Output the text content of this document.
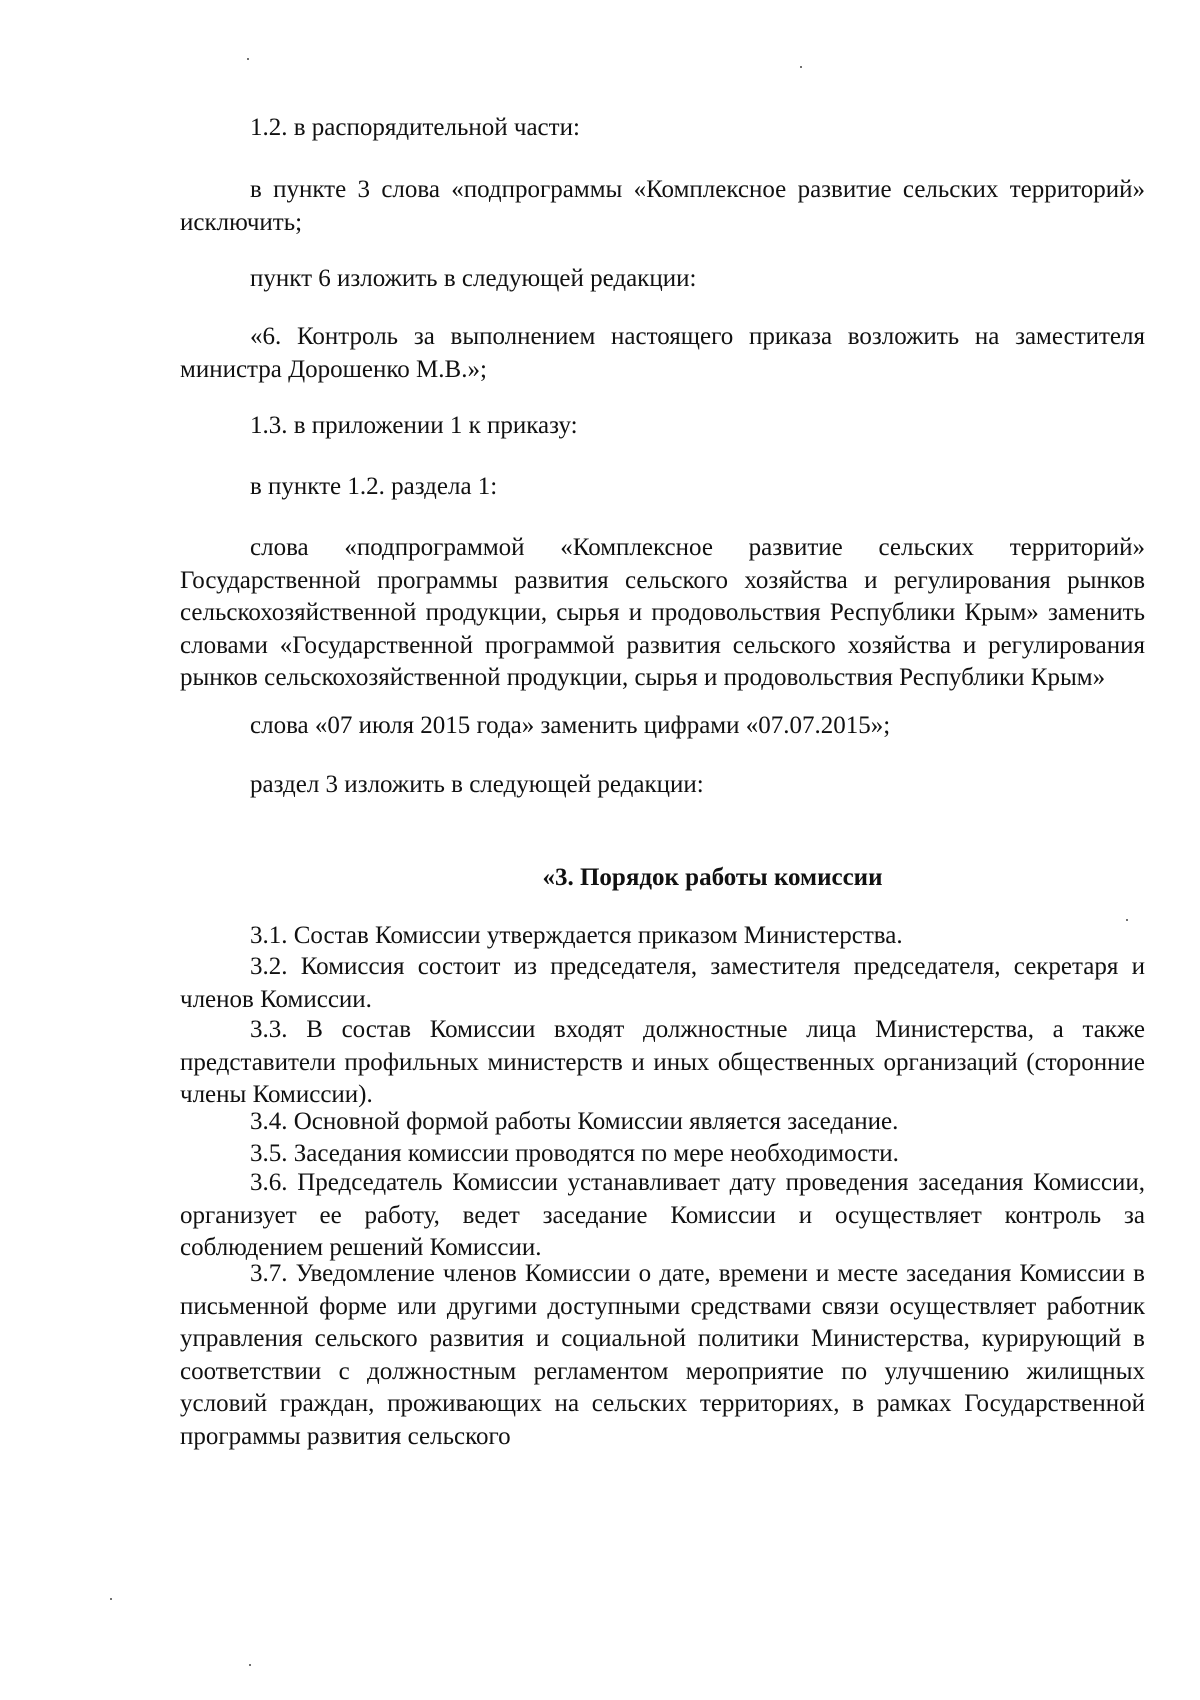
1.2. в распорядительной части:

в пункте 3 слова «подпрограммы «Комплексное развитие сельских территорий» исключить;

пункт 6 изложить в следующей редакции:

«6. Контроль за выполнением настоящего приказа возложить на заместителя министра Дорошенко М.В.»;

1.3. в приложении 1 к приказу:

в пункте 1.2. раздела 1:

слова «подпрограммой «Комплексное развитие сельских территорий» Государственной программы развития сельского хозяйства и регулирования рынков сельскохозяйственной продукции, сырья и продовольствия Республики Крым» заменить словами «Государственной программой развития сельского хозяйства и регулирования рынков сельскохозяйственной продукции, сырья и продовольствия Республики Крым»

слова «07 июля 2015 года» заменить цифрами «07.07.2015»;

раздел 3 изложить в следующей редакции:

«3. Порядок работы комиссии

3.1. Состав Комиссии утверждается приказом Министерства.

3.2. Комиссия состоит из председателя, заместителя председателя, секретаря и членов Комиссии.

3.3. В состав Комиссии входят должностные лица Министерства, а также представители профильных министерств и иных общественных организаций (сторонние члены Комиссии).

3.4. Основной формой работы Комиссии является заседание.

3.5. Заседания комиссии проводятся по мере необходимости.

3.6. Председатель Комиссии устанавливает дату проведения заседания Комиссии, организует ее работу, ведет заседание Комиссии и осуществляет контроль за соблюдением решений Комиссии.

3.7. Уведомление членов Комиссии о дате, времени и месте заседания Комиссии в письменной форме или другими доступными средствами связи осуществляет работник управления сельского развития и социальной политики Министерства, курирующий в соответствии с должностным регламентом мероприятие по улучшению жилищных условий граждан, проживающих на сельских территориях, в рамках Государственной программы развития сельского
